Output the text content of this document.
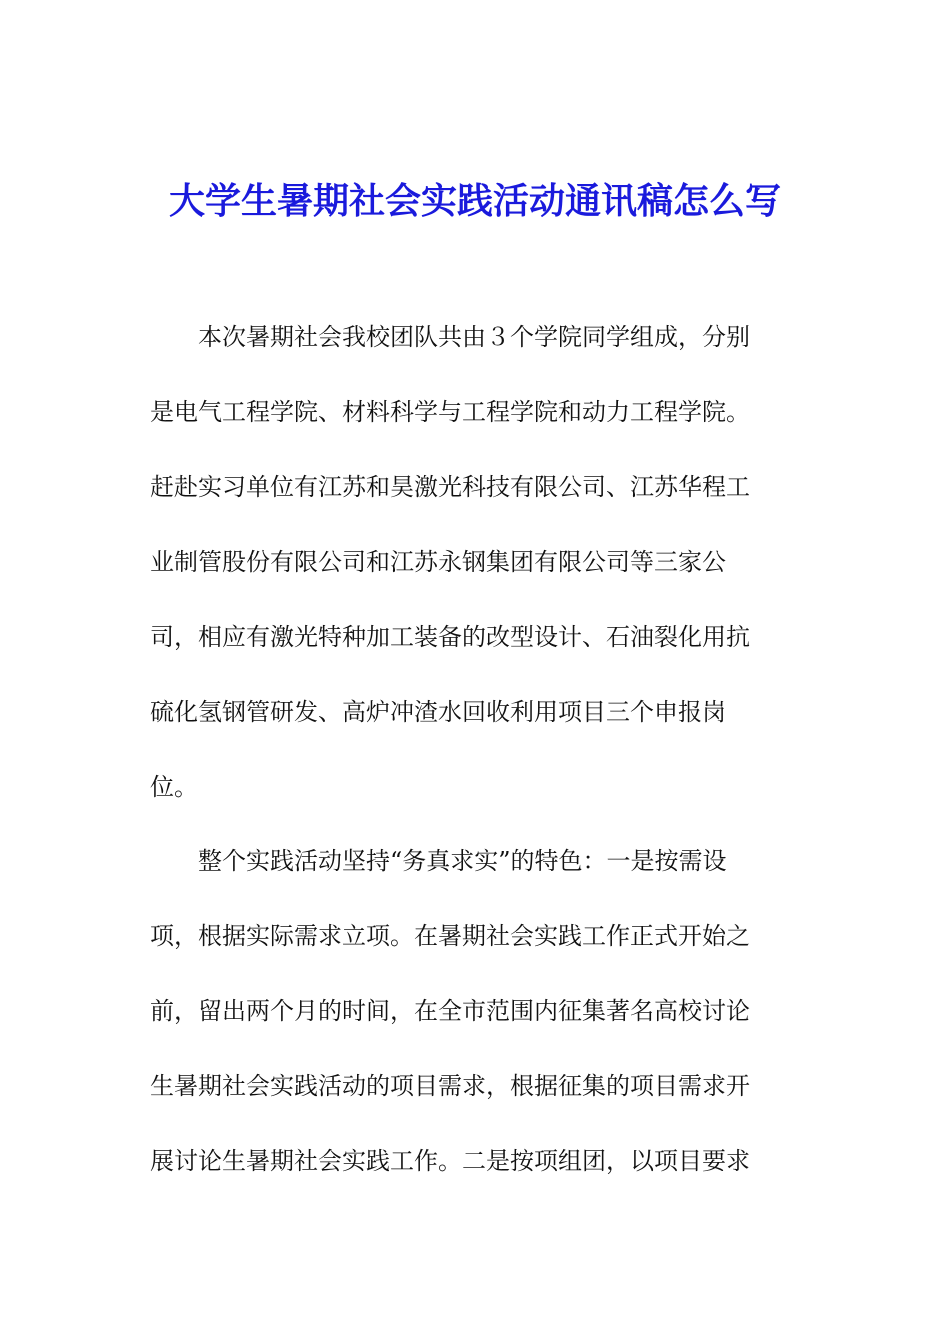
大学生暑期社会实践活动通讯稿怎么写
本次暑期社会我校团队共由３个学院同学组成，分别
是电气工程学院、材料科学与工程学院和动力工程学院。
赶赴实习单位有江苏和昊激光科技有限公司、江苏华程工
业制管股份有限公司和江苏永钢集团有限公司等三家公
司，相应有激光特种加工装备的改型设计、石油裂化用抗
硫化氢钢管研发、高炉冲渣水回收利用项目三个申报岗
位。
整个实践活动坚持“务真求实”的特色：一是按需设
项，根据实际需求立项。在暑期社会实践工作正式开始之
前，留出两个月的时间，在全市范围内征集著名高校讨论
生暑期社会实践活动的项目需求，根据征集的项目需求开
展讨论生暑期社会实践工作。二是按项组团，以项目要求
